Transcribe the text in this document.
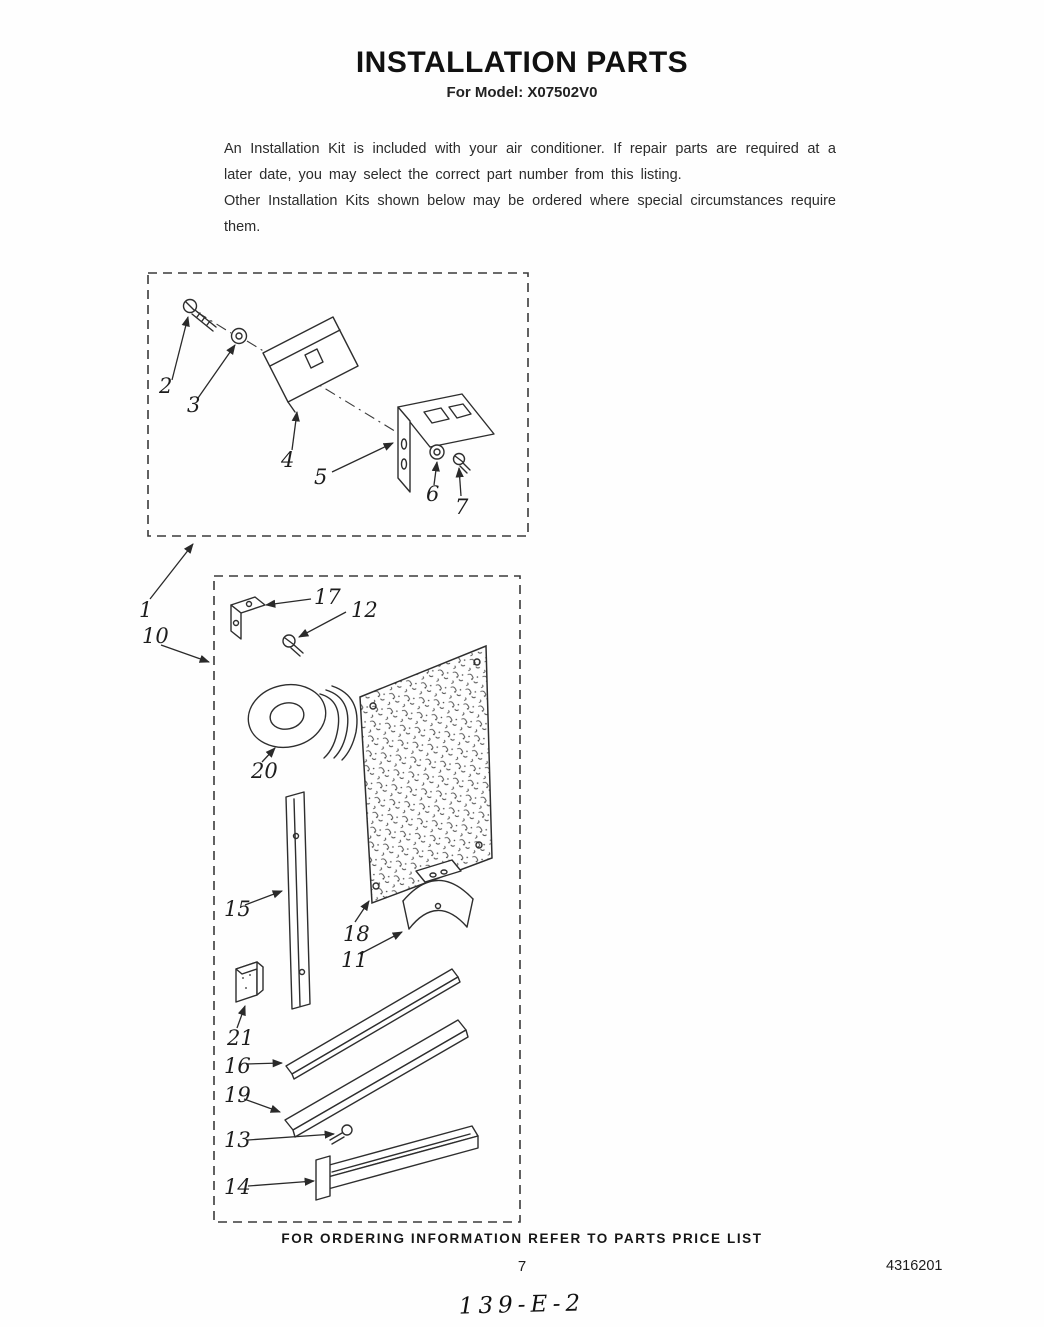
INSTALLATION PARTS
For Model: X07502V0

An Installation Kit is included with your air conditioner. If repair parts are required at a later date, you may select the correct part number from this listing.

Other Installation Kits shown below may be ordered where special circumstances require them.

2
3
4
5
6
7
1
10
17
12
20
15
18
11
21
16
19
13
14
FOR ORDERING INFORMATION REFER TO PARTS PRICE LIST
7	4316201
139-E-2
